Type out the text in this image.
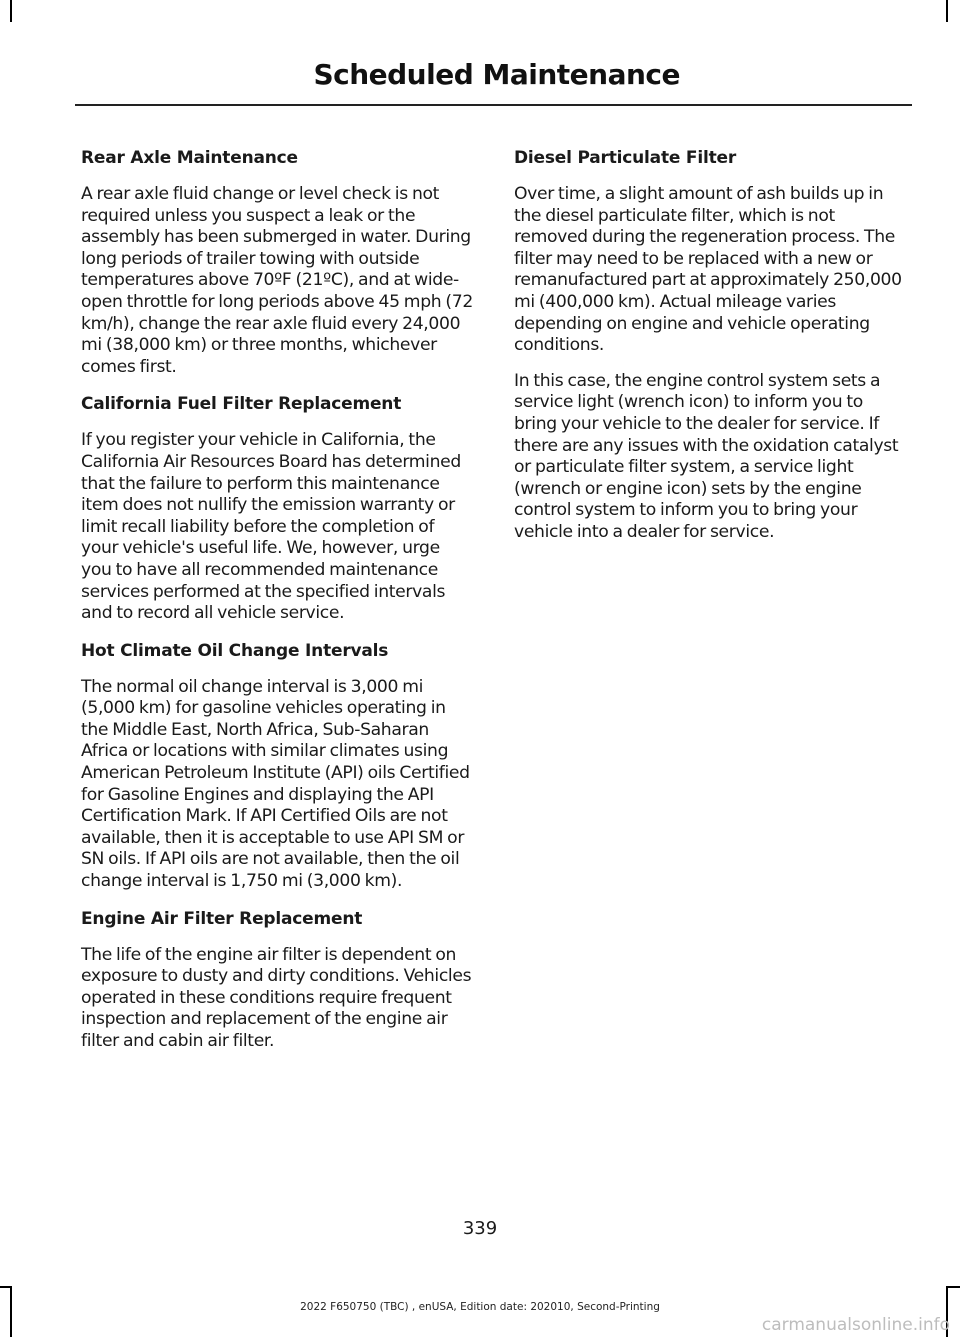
Scheduled Maintenance
Rear Axle Maintenance

A rear axle fluid change or level check is not required unless you suspect a leak or the assembly has been submerged in water. During long periods of trailer towing with outside temperatures above 70ºF (21ºC), and at wide-open throttle for long periods above 45 mph (72 km/h), change the rear axle fluid every 24,000 mi (38,000 km) or three months, whichever comes first.

California Fuel Filter Replacement

If you register your vehicle in California, the California Air Resources Board has determined that the failure to perform this maintenance item does not nullify the emission warranty or limit recall liability before the completion of your vehicle's useful life. We, however, urge you to have all recommended maintenance services performed at the specified intervals and to record all vehicle service.

Hot Climate Oil Change Intervals

The normal oil change interval is 3,000 mi (5,000 km) for gasoline vehicles operating in the Middle East, North Africa, Sub-Saharan Africa or locations with similar climates using American Petroleum Institute (API) oils Certified for Gasoline Engines and displaying the API Certification Mark. If API Certified Oils are not available, then it is acceptable to use API SM or SN oils. If API oils are not available, then the oil change interval is 1,750 mi (3,000 km).

Engine Air Filter Replacement

The life of the engine air filter is dependent on exposure to dusty and dirty conditions. Vehicles operated in these conditions require frequent inspection and replacement of the engine air filter and cabin air filter.

Diesel Particulate Filter

Over time, a slight amount of ash builds up in the diesel particulate filter, which is not removed during the regeneration process. The filter may need to be replaced with a new or remanufactured part at approximately 250,000 mi (400,000 km). Actual mileage varies depending on engine and vehicle operating conditions.

In this case, the engine control system sets a service light (wrench icon) to inform you to bring your vehicle to the dealer for service. If there are any issues with the oxidation catalyst or particulate filter system, a service light (wrench or engine icon) sets by the engine control system to inform you to bring your vehicle into a dealer for service.

339
2022 F650750 (TBC) , enUSA, Edition date: 202010, Second-Printing
carmanualsonline.info
